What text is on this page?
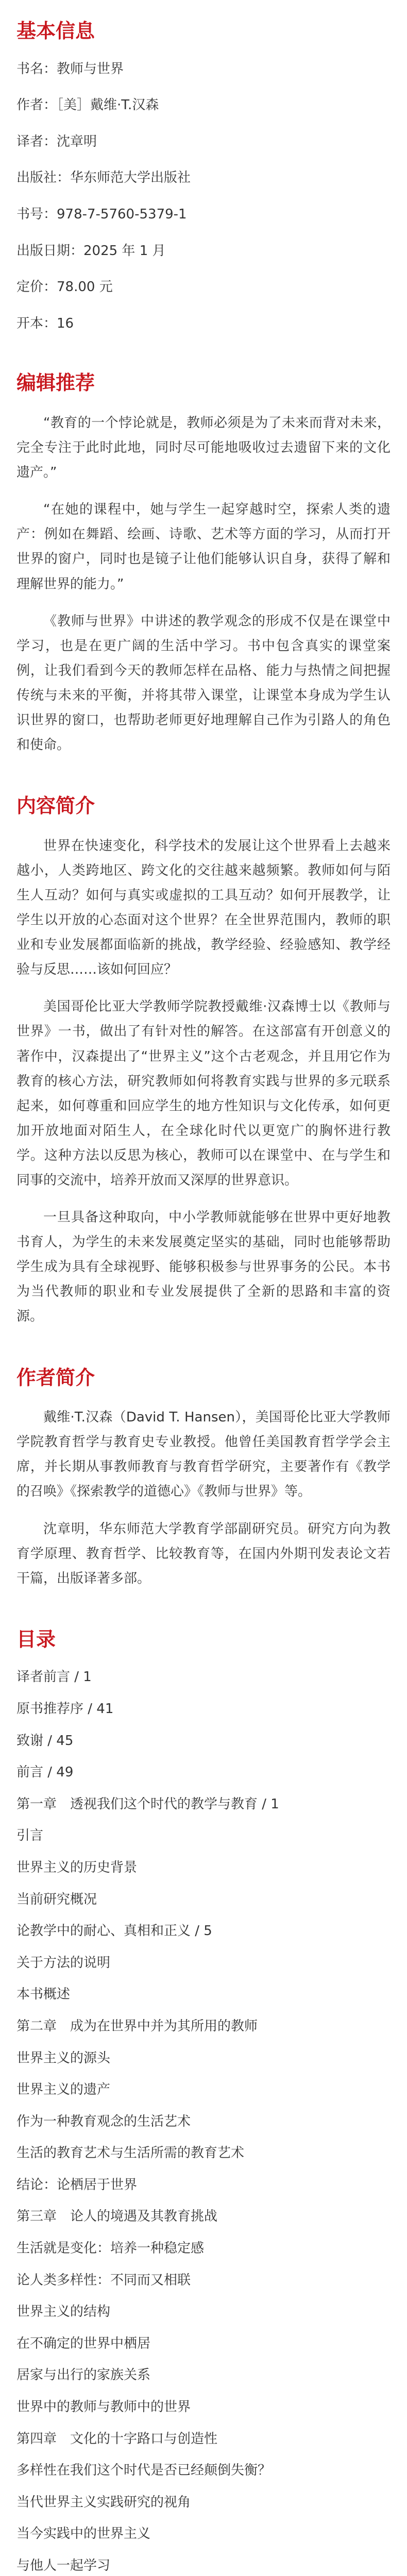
基本信息

书名：教师与世界

作者：［美］戴维·T.汉森

译者：沈章明

出版社：华东师范大学出版社

书号：978-7-5760-5379-1

出版日期：2025 年 1 月

定价：78.00 元

开本：16

编辑推荐

“教育的一个悖论就是，教师必须是为了未来而背对未来，完全专注于此时此地，同时尽可能地吸收过去遗留下来的文化遗产。”

“在她的课程中，她与学生一起穿越时空，探索人类的遗产：例如在舞蹈、绘画、诗歌、艺术等方面的学习，从而打开世界的窗户，同时也是镜子让他们能够认识自身，获得了解和理解世界的能力。”

《教师与世界》中讲述的教学观念的形成不仅是在课堂中学习，也是在更广阔的生活中学习。书中包含真实的课堂案例，让我们看到今天的教师怎样在品格、能力与热情之间把握传统与未来的平衡，并将其带入课堂，让课堂本身成为学生认识世界的窗口，也帮助老师更好地理解自己作为引路人的角色和使命。

内容简介

世界在快速变化，科学技术的发展让这个世界看上去越来越小，人类跨地区、跨文化的交往越来越频繁。教师如何与陌生人互动？如何与真实或虚拟的工具互动？如何开展教学，让学生以开放的心态面对这个世界？在全世界范围内，教师的职业和专业发展都面临新的挑战，教学经验、经验感知、教学经验与反思……该如何回应？

美国哥伦比亚大学教师学院教授戴维·汉森博士以《教师与世界》一书，做出了有针对性的解答。在这部富有开创意义的著作中，汉森提出了“世界主义”这个古老观念，并且用它作为教育的核心方法，研究教师如何将教育实践与世界的多元联系起来，如何尊重和回应学生的地方性知识与文化传承，如何更加开放地面对陌生人，在全球化时代以更宽广的胸怀进行教学。这种方法以反思为核心，教师可以在课堂中、在与学生和同事的交流中，培养开放而又深厚的世界意识。

一旦具备这种取向，中小学教师就能够在世界中更好地教书育人，为学生的未来发展奠定坚实的基础，同时也能够帮助学生成为具有全球视野、能够积极参与世界事务的公民。本书为当代教师的职业和专业发展提供了全新的思路和丰富的资源。

作者简介

戴维·T.汉森（David T. Hansen），美国哥伦比亚大学教师学院教育哲学与教育史专业教授。他曾任美国教育哲学学会主席，并长期从事教师教育与教育哲学研究，主要著作有《教学的召唤》《探索教学的道德心》《教师与世界》等。

沈章明，华东师范大学教育学部副研究员。研究方向为教育学原理、教育哲学、比较教育等，在国内外期刊发表论文若干篇，出版译著多部。

目录

译者前言 / 1

原书推荐序 / 41

致谢 / 45

前言 / 49

第一章　透视我们这个时代的教学与教育 / 1

引言

世界主义的历史背景

当前研究概况

论教学中的耐心、真相和正义 / 5

关于方法的说明

本书概述

第二章　成为在世界中并为其所用的教师

世界主义的源头

世界主义的遗产

作为一种教育观念的生活艺术

生活的教育艺术与生活所需的教育艺术

结论：论栖居于世界

第三章　论人的境遇及其教育挑战

生活就是变化：培养一种稳定感

论人类多样性：不同而又相联

世界主义的结构

在不确定的世界中栖居

居家与出行的家族关系

世界中的教师与教师中的世界

第四章　文化的十字路口与创造性

多样性在我们这个时代是否已经颠倒失衡？

当代世界主义实践研究的视角

当今实践中的世界主义

与他人一起学习
